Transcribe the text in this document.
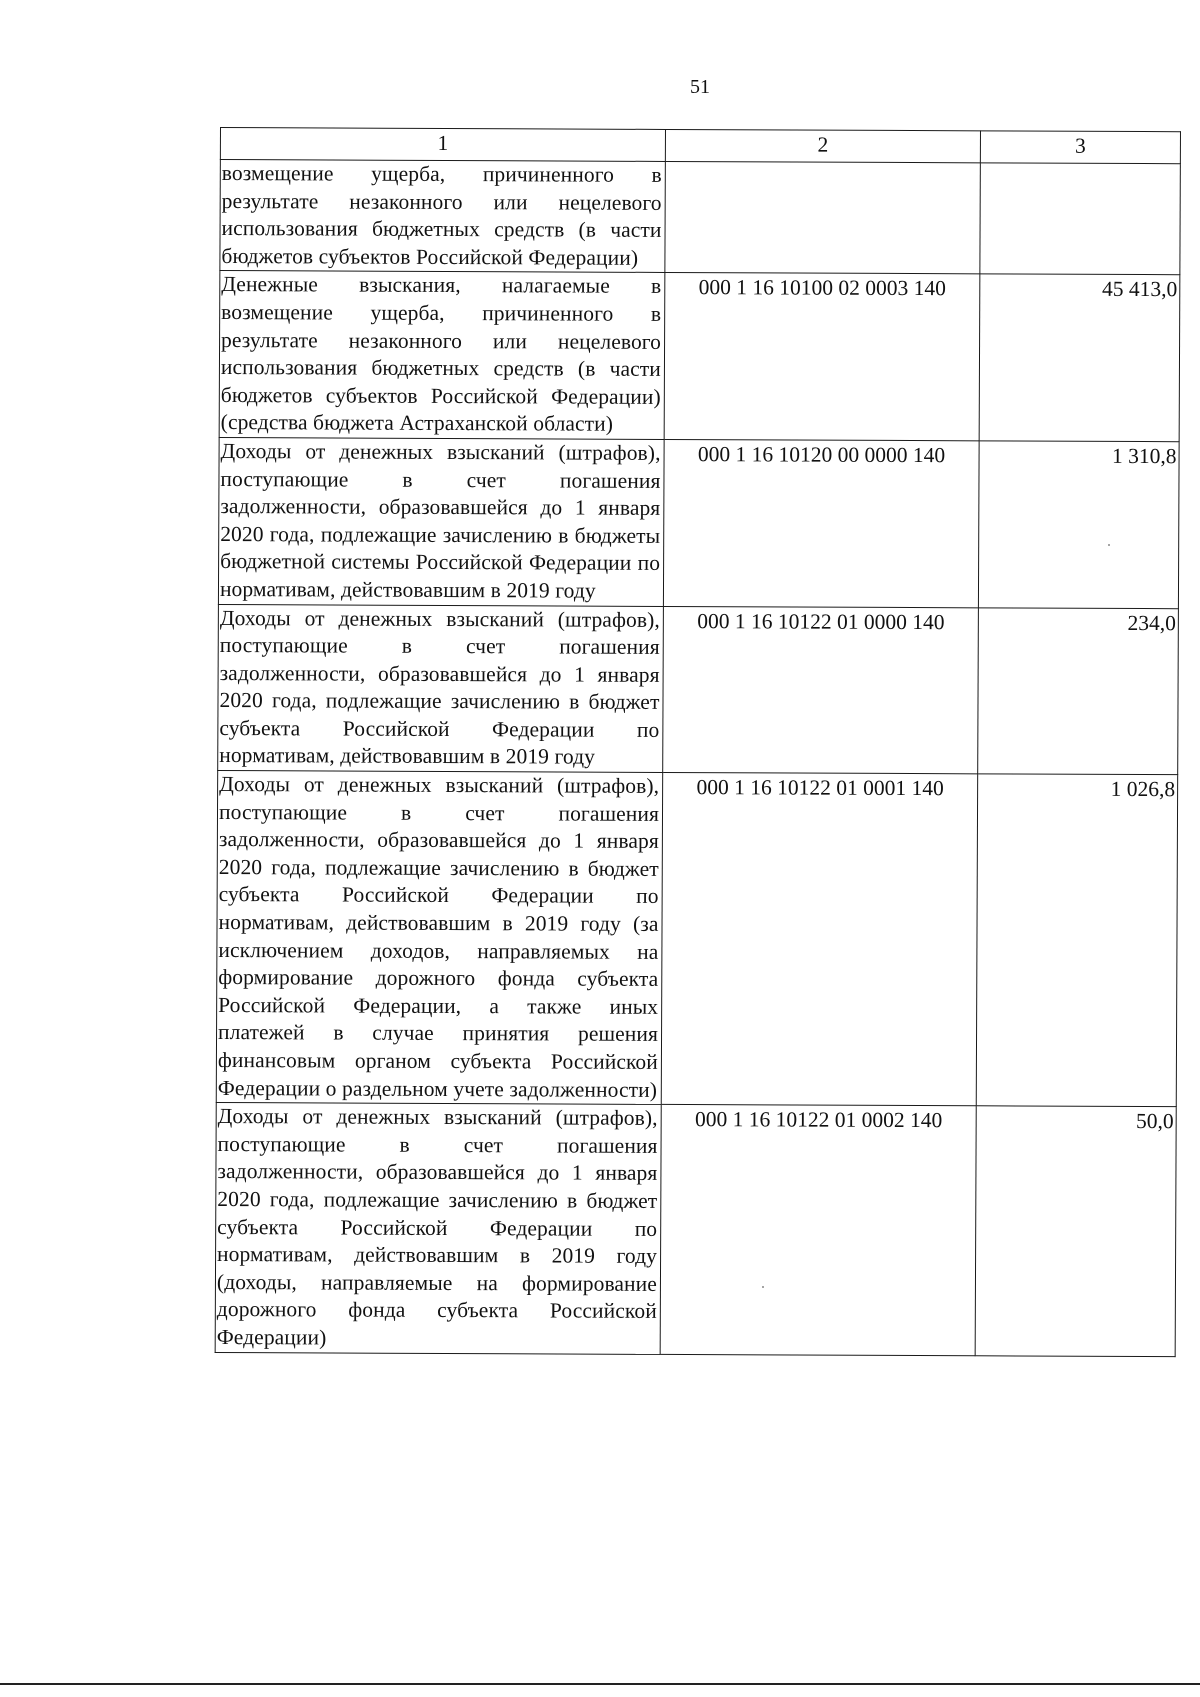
51
1	2	3
возмещение ущерба, причиненного в результате незаконного или нецелевого использования бюджетных средств (в части бюджетов субъектов Российской Федерации)		
Денежные взыскания, налагаемые в возмещение ущерба, причиненного в результате незаконного или нецелевого использования бюджетных средств (в части бюджетов субъектов Российской Федерации) (средства бюджета Астраханской области)	000 1 16 10100 02 0003 140	45 413,0
Доходы от денежных взысканий (штрафов), поступающие в счет погашения задолженности, образовавшейся до 1 января 2020 года, подлежащие зачислению в бюджеты бюджетной системы Российской Федерации по нормативам, действовавшим в 2019 году	000 1 16 10120 00 0000 140	1 310,8
Доходы от денежных взысканий (штрафов), поступающие в счет погашения задолженности, образовавшейся до 1 января 2020 года, подлежащие зачислению в бюджет субъекта Российской Федерации по нормативам, действовавшим в 2019 году	000 1 16 10122 01 0000 140	234,0
Доходы от денежных взысканий (штрафов), поступающие в счет погашения задолженности, образовавшейся до 1 января 2020 года, подлежащие зачислению в бюджет субъекта Российской Федерации по нормативам, действовавшим в 2019 году (за исключением доходов, направляемых на формирование дорожного фонда субъекта Российской Федерации, а также иных платежей в случае принятия решения финансовым органом субъекта Российской Федерации о раздельном учете задолженности)	000 1 16 10122 01 0001 140	1 026,8
Доходы от денежных взысканий (штрафов), поступающие в счет погашения задолженности, образовавшейся до 1 января 2020 года, подлежащие зачислению в бюджет субъекта Российской Федерации по нормативам, действовавшим в 2019 году (доходы, направляемые на формирование дорожного фонда субъекта Российской Федерации)	000 1 16 10122 01 0002 140	50,0
